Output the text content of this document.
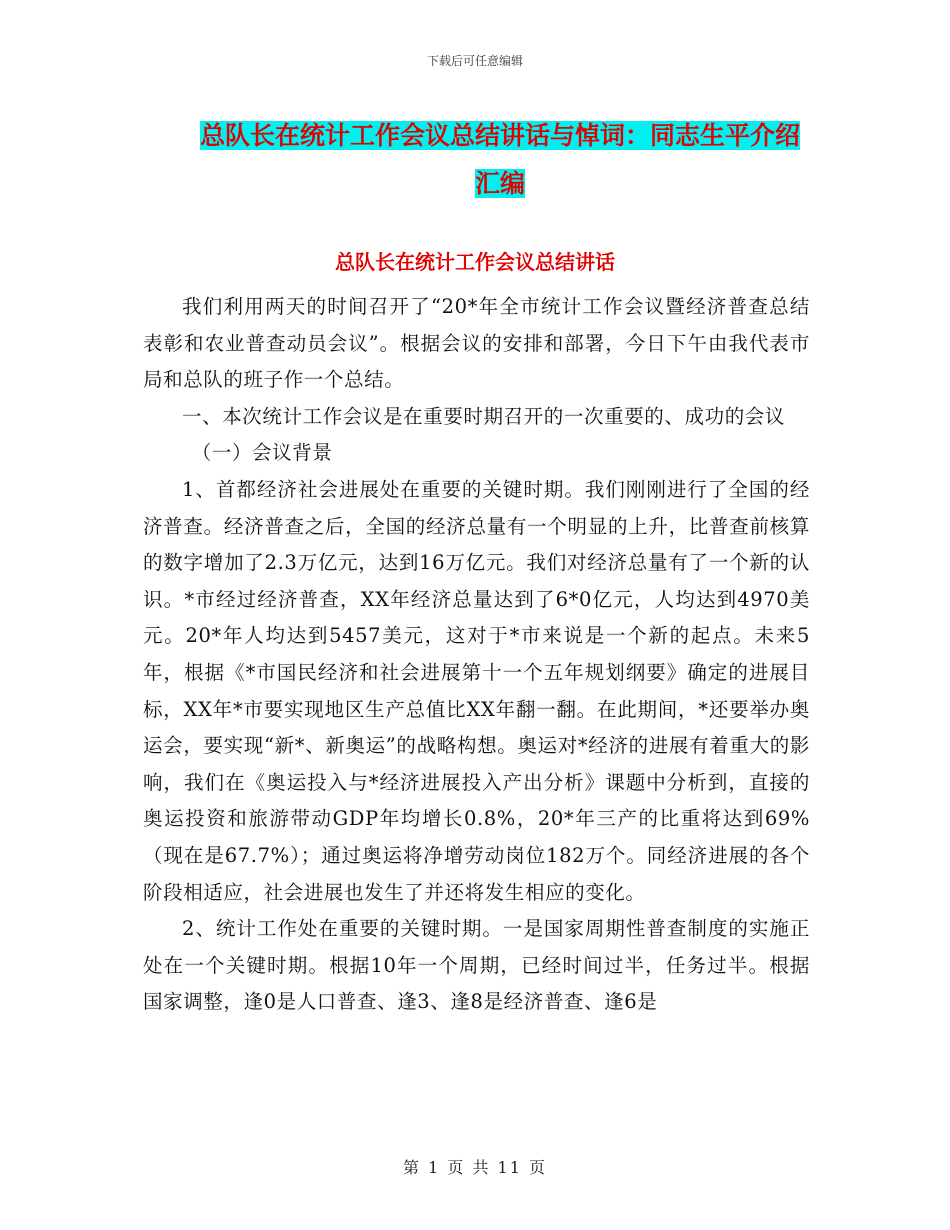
下载后可任意编辑
总队长在统计工作会议总结讲话与悼词：同志生平介绍汇编
总队长在统计工作会议总结讲话

我们利用两天的时间召开了“20*年全市统计工作会议暨经济普查总结表彰和农业普查动员会议”。根据会议的安排和部署，今日下午由我代表市局和总队的班子作一个总结。

一、本次统计工作会议是在重要时期召开的一次重要的、成功的会议

（一）会议背景

1、首都经济社会进展处在重要的关键时期。我们刚刚进行了全国的经济普查。经济普查之后，全国的经济总量有一个明显的上升，比普查前核算的数字增加了2.3万亿元，达到16万亿元。我们对经济总量有了一个新的认识。*市经过经济普查，XX年经济总量达到了6*0亿元，人均达到4970美元。20*年人均达到5457美元，这对于*市来说是一个新的起点。未来5年，根据《*市国民经济和社会进展第十一个五年规划纲要》确定的进展目标，XX年*市要实现地区生产总值比XX年翻一翻。在此期间，*还要举办奥运会，要实现“新*、新奥运”的战略构想。奥运对*经济的进展有着重大的影响，我们在《奥运投入与*经济进展投入产出分析》课题中分析到，直接的奥运投资和旅游带动GDP年均增长0.8%，20*年三产的比重将达到69%（现在是67.7%）；通过奥运将净增劳动岗位182万个。同经济进展的各个阶段相适应，社会进展也发生了并还将发生相应的变化。

2、统计工作处在重要的关键时期。一是国家周期性普查制度的实施正处在一个关键时期。根据10年一个周期，已经时间过半，任务过半。根据国家调整，逢0是人口普查、逢3、逢8是经济普查、逢6是

第 1 页 共 11 页
